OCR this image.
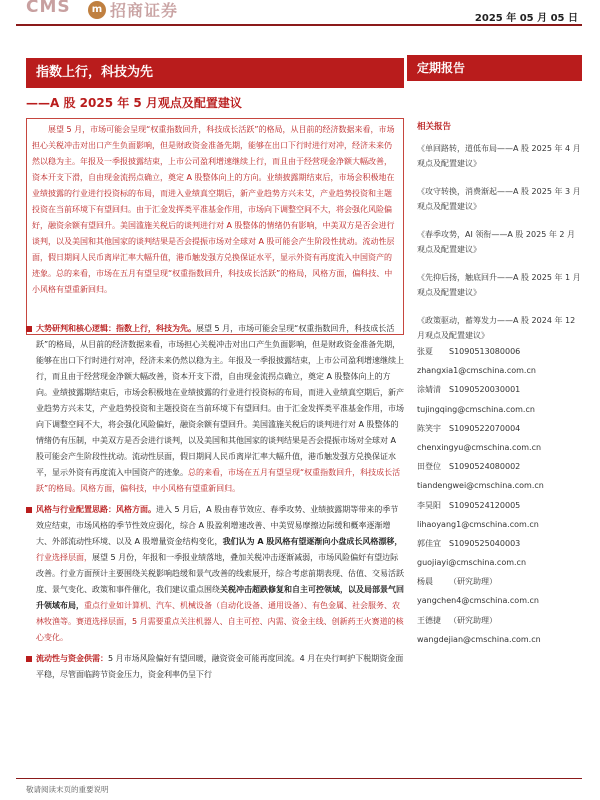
CMS	m 招商证券	2025 年 05 月 05 日
指数上行，科技为先	定期报告
——A 股 2025 年 5 月观点及配置建议
展望 5 月，市场可能会呈现“权重指数回升，科技成长活跃”的格局，从目前的经济数据来看，市场担心关税冲击对出口产生负面影响，但是财政资金准备先期，能够在出口下行时进行对冲，经济未来仍然以稳为主。年报及一季报披露结束，上市公司盈利增速继续上行，而且由于经营现金净额大幅改善，资本开支下滑，自由现金流拐点确立，奠定 A 股整体向上的方向。业绩披露期结束后，市场会积极地在业绩披露的行业进行投资标的布局，而进入业绩真空期后，新产业趋势方兴未艾，产业趋势投资和主题投资在当前环境下有望回归。由于汇金发挥类平准基金作用，市场向下调整空间不大，将会强化风险偏好，融资余额有望回升。美国滥施关税后的谈判进行对 A 股整体的情绪仍有影响，中美双方是否会进行谈判，以及美国和其他国家的谈判结果是否会提振市场对全球对 A 股可能会产生阶段性扰动。流动性层面，假日期间人民币离岸汇率大幅升值，港币触发强方兑换保证水平，显示外资有再度流入中国资产的迹象。总的来看，市场在五月有望呈现“权重指数回升，科技成长活跃”的格局，风格方面，偏科技、中小风格有望重新回归。
大势研判和核心逻辑：指数上行，科技为先。展望 5 月，市场可能会呈现“权重指数回升，科技成长活跃”的格局，从目前的经济数据来看，市场担心关税冲击对出口产生负面影响，但是财政资金准备先期，能够在出口下行时进行对冲，经济未来仍然以稳为主。年报及一季报披露结束，上市公司盈利增速继续上行，而且由于经营现金净额大幅改善，资本开支下滑，自由现金流拐点确立，奠定 A 股整体向上的方向。业绩披露期结束后，市场会积极地在业绩披露的行业进行投资标的布局，而进入业绩真空期后，新产业趋势方兴未艾，产业趋势投资和主题投资在当前环境下有望回归。由于汇金发挥类平准基金作用，市场向下调整空间不大，将会强化风险偏好，融资余额有望回升。美国滥施关税后的谈判进行对 A 股整体的情绪仍有压制，中美双方是否会进行谈判，以及美国和其他国家的谈判结果是否会提振市场对全球对 A 股可能会产生阶段性扰动。流动性层面，假日期间人民币离岸汇率大幅升值，港币触发强方兑换保证水平，显示外资有再度流入中国资产的迹象。总的来看，市场在五月有望呈现“权重指数回升，科技成长活跃”的格局。风格方面，偏科技，中小风格有望重新回归。
风格与行业配置思路：风格方面。进入 5 月后，A 股由春节效应、春季攻势、业绩披露期等带来的季节效应结束，市场风格的季节性效应弱化，综合 A 股盈利增速改善、中美贸易摩擦边际缓和概率逐渐增大、外部流动性环境、以及 A 股增量资金结构变化，我们认为 A 股风格有望逐渐向小盘成长风格漂移，行业选择层面，展望 5 月份，年报和一季报业绩落地，叠加关税冲击逐渐减弱，市场风险偏好有望边际改善。行业方面预计主要围绕关税影响趋缓和景气改善的线索展开，综合考虑前期表现、估值、交易活跃度、景气变化、政策和事件催化，我们建议重点围绕关税冲击超跌修复和自主可控领域，以及局部景气回升领域布局，重点行业如计算机、汽车、机械设备（自动化设备、通用设备）、有色金属、社会服务、农林牧渔等。赛道选择层面，5 月需要重点关注机器人、自主可控、内需、资金主线、创新药王火赛道的核心变化。
流动性与资金供需：5 月市场风险偏好有望回暖，融资资金可能再度回流。4 月在央行呵护下税期资金面平稳，尽管面临跨节资金压力，资金利率仍呈下行
相关报告
《单回路转，道低布局——A 股 2025 年 4 月观点及配置建议》
《攻守转换，消费渐起——A 股 2025 年 3 月观点及配置建议》
《春季攻势，AI 领衔——A 股 2025 年 2 月观点及配置建议》
《先抑后扬，触底回升——A 股 2025 年 1 月观点及配置建议》
《政策驱动，蓄筹发力——A 股 2024 年 12 月观点及配置建议》
张夏 S1090513080006
zhangxia1@cmschina.com.cn
涂婧清 S1090520030001
tujingqing@cmschina.com.cn
陈笑宇 S1090522070004
chenxingyu@cmschina.com.cn
田登位 S1090524080002
tiandengwei@cmschina.com.cn
李昊阳 S1090524120005
lihaoyang1@cmschina.com.cn
郭佳宜 S1090525040003
guojiayi@cmschina.com.cn
杨晨 （研究助理）
yangchen4@cmschina.com.cn
王德捷 （研究助理）
wangdejian@cmschina.com.cn
敬请阅读末页的重要说明
